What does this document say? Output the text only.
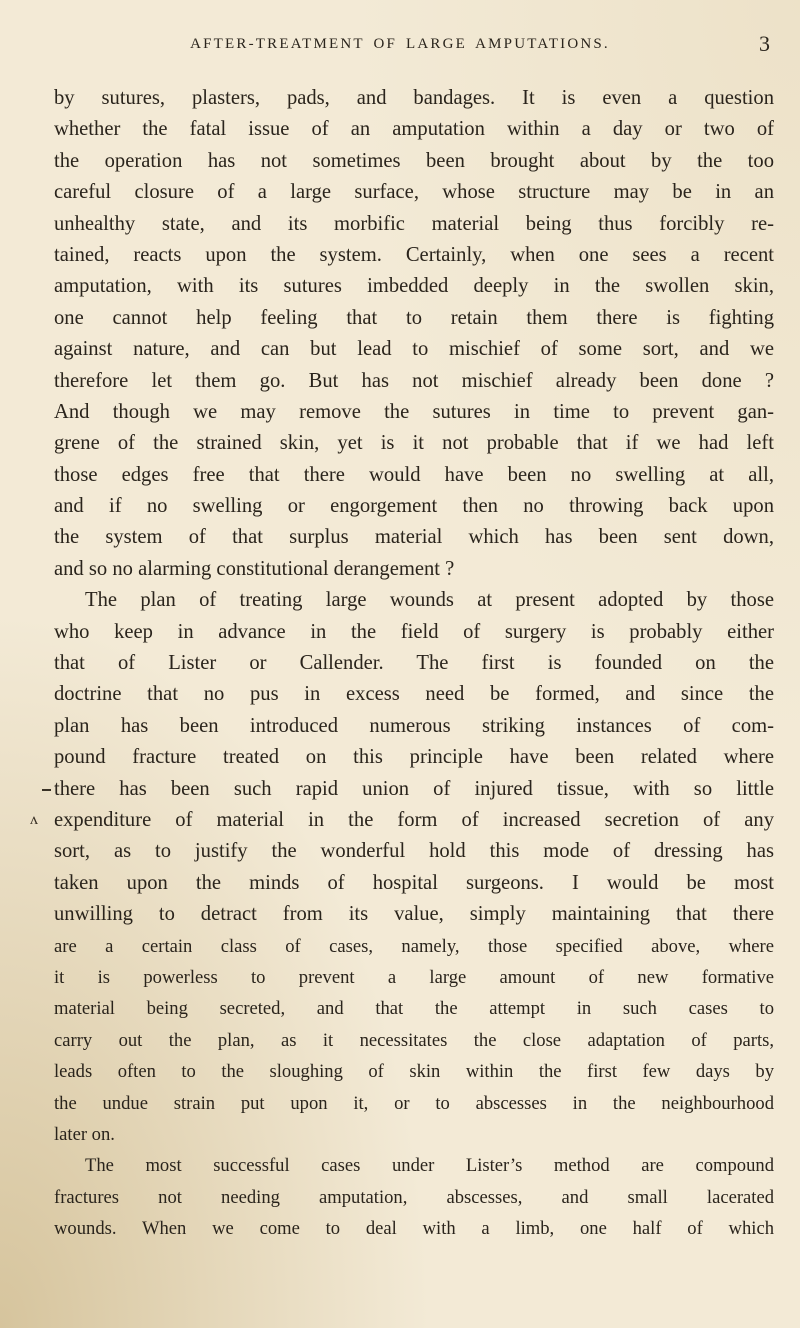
AFTER-TREATMENT OF LARGE AMPUTATIONS.	3
ʌ
by sutures, plasters, pads, and bandages. It is even a question
whether the fatal issue of an amputation within a day or two of
the operation has not sometimes been brought about by the too
careful closure of a large surface, whose structure may be in an
unhealthy state, and its morbific material being thus forcibly re-
tained, reacts upon the system. Certainly, when one sees a recent
amputation, with its sutures imbedded deeply in the swollen skin,
one cannot help feeling that to retain them there is fighting
against nature, and can but lead to mischief of some sort, and we
therefore let them go. But has not mischief already been done ?
And though we may remove the sutures in time to prevent gan-
grene of the strained skin, yet is it not probable that if we had left
those edges free that there would have been no swelling at all,
and if no swelling or engorgement then no throwing back upon
the system of that surplus material which has been sent down,
and so no alarming constitutional derangement ?
The plan of treating large wounds at present adopted by those
who keep in advance in the field of surgery is probably either
that of Lister or Callender. The first is founded on the
doctrine that no pus in excess need be formed, and since the
plan has been introduced numerous striking instances of com-
pound fracture treated on this principle have been related where
there has been such rapid union of injured tissue, with so little
expenditure of material in the form of increased secretion of any
sort, as to justify the wonderful hold this mode of dressing has
taken upon the minds of hospital surgeons. I would be most
unwilling to detract from its value, simply maintaining that there
are a certain class of cases, namely, those specified above, where
it is powerless to prevent a large amount of new formative
material being secreted, and that the attempt in such cases to
carry out the plan, as it necessitates the close adaptation of parts,
leads often to the sloughing of skin within the first few days by
the undue strain put upon it, or to abscesses in the neighbourhood
later on.
The most successful cases under Lister’s method are compound
fractures not needing amputation, abscesses, and small lacerated
wounds. When we come to deal with a limb, one half of which
